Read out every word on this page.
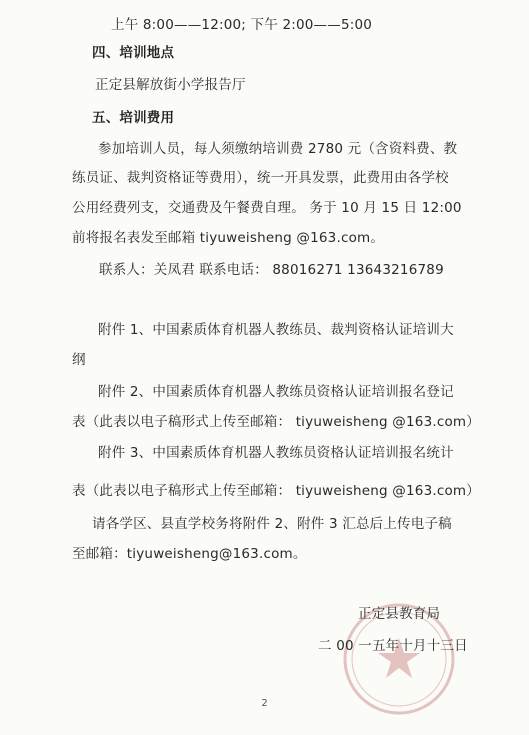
上午 8:00——12:00; 下午 2:00——5:00
四、培训地点
正定县解放街小学报告厅
五、培训费用
参加培训人员，每人须缴纳培训费 2780 元（含资料费、教
练员证、裁判资格证等费用），统一开具发票，此费用由各学校
公用经费列支，交通费及午餐费自理。 务于 10 月 15 日 12:00
前将报名表发至邮箱 tiyuweisheng @163.com。
联系人：关凤君 联系电话： 88016271 13643216789
附件 1、中国素质体育机器人教练员、裁判资格认证培训大
纲
附件 2、中国素质体育机器人教练员资格认证培训报名登记
表（此表以电子稿形式上传至邮箱： tiyuweisheng @163.com）
附件 3、中国素质体育机器人教练员资格认证培训报名统计
表（此表以电子稿形式上传至邮箱： tiyuweisheng @163.com）
请各学区、县直学校务将附件 2、附件 3 汇总后上传电子稿
至邮箱：tiyuweisheng@163.com。
正定县教育局
二 00 一五年十月十三日
2
